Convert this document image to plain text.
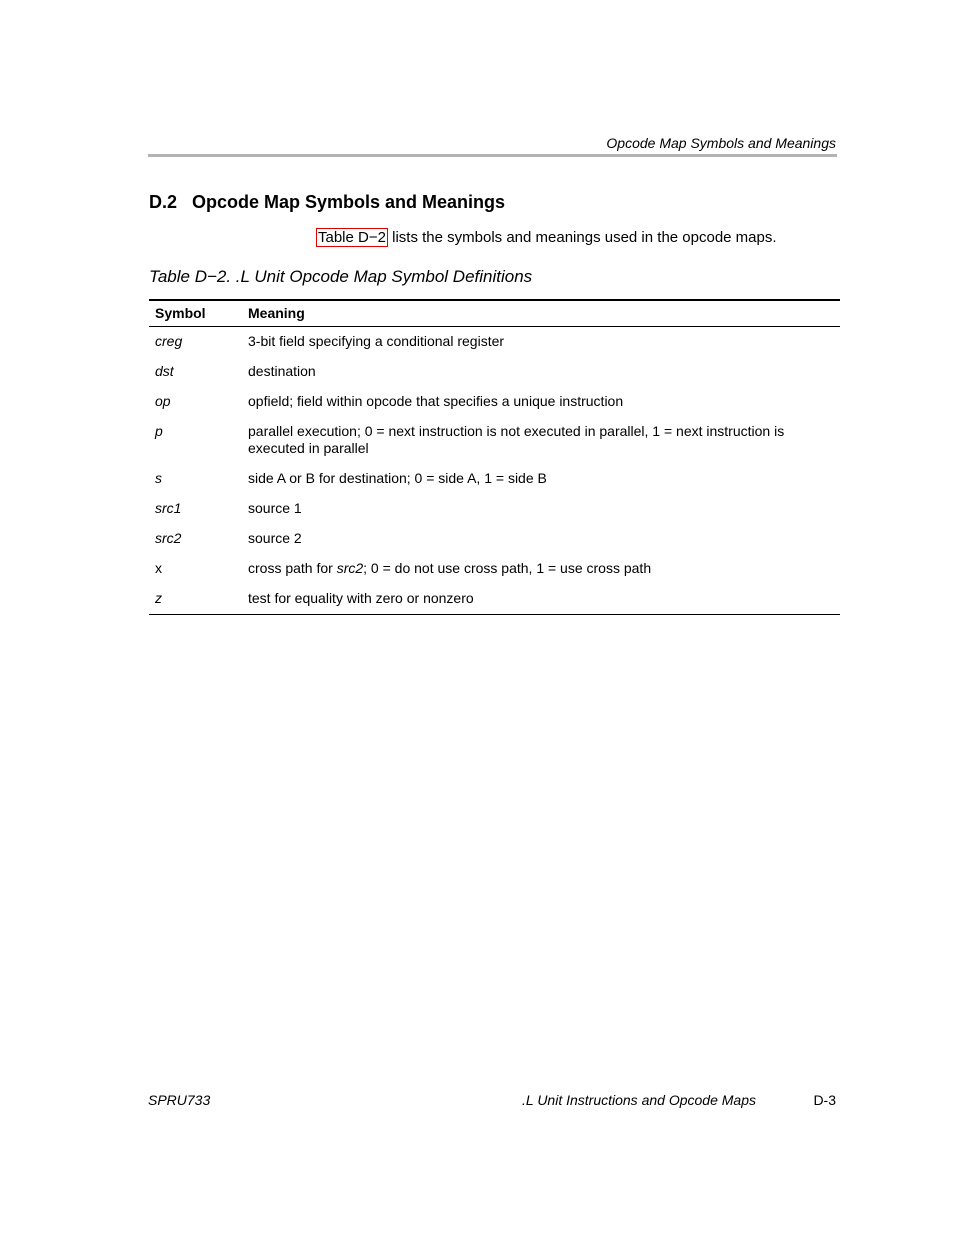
Opcode Map Symbols and Meanings
D.2 Opcode Map Symbols and Meanings
Table D−2 lists the symbols and meanings used in the opcode maps.
Table D−2. .L Unit Opcode Map Symbol Definitions
Symbol	Meaning
creg	3-bit field specifying a conditional register
dst	destination
op	opfield; field within opcode that specifies a unique instruction
p	parallel execution; 0 = next instruction is not executed in parallel, 1 = next instruction is executed in parallel
s	side A or B for destination; 0 = side A, 1 = side B
src1	source 1
src2	source 2
x	cross path for src2; 0 = do not use cross path, 1 = use cross path
z	test for equality with zero or nonzero
SPRU733	.L Unit Instructions and Opcode Maps	D-3
